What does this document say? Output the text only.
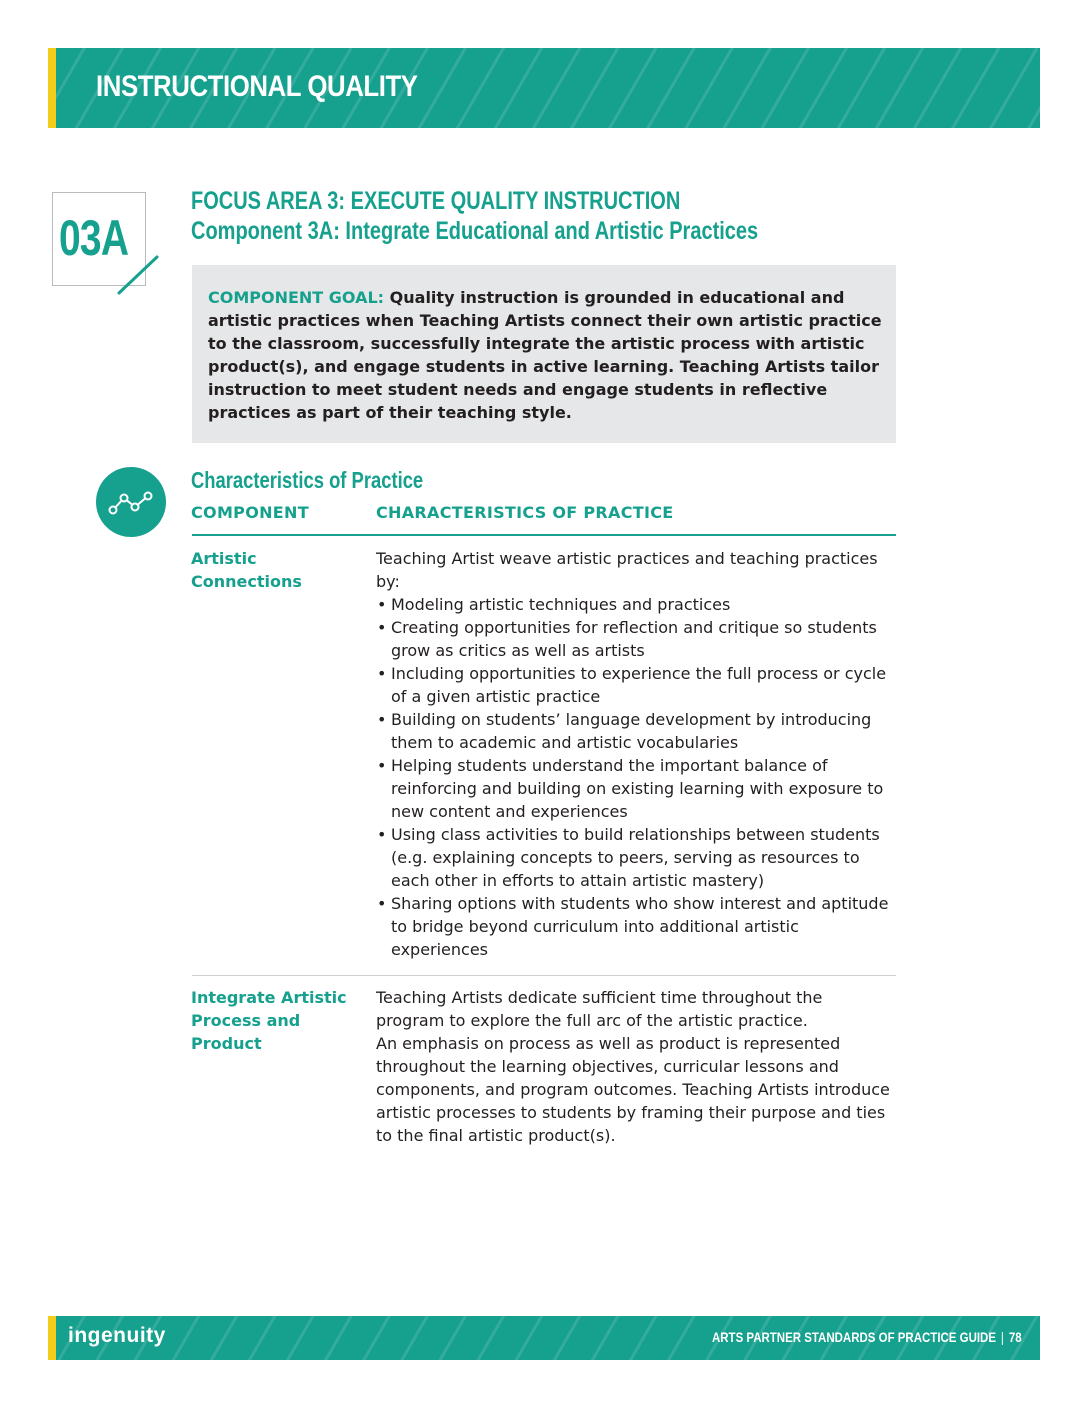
INSTRUCTIONAL QUALITY

03A

FOCUS AREA 3: EXECUTE QUALITY INSTRUCTION
Component 3A: Integrate Educational and Artistic Practices

COMPONENT GOAL: Quality instruction is grounded in educational and artistic practices when Teaching Artists connect their own artistic practice to the classroom, successfully integrate the artistic process with artistic product(s), and engage students in active learning. Teaching Artists tailor instruction to meet student needs and engage students in reflective practices as part of their teaching style.

Characteristics of Practice

COMPONENT	CHARACTERISTICS OF PRACTICE

Artistic Connections

Teaching Artist weave artistic practices and teaching practices by:

• Modeling artistic techniques and practices
• Creating opportunities for reflection and critique so students grow as critics as well as artists
• Including opportunities to experience the full process or cycle of a given artistic practice
• Building on students’ language development by introducing them to academic and artistic vocabularies
• Helping students understand the important balance of reinforcing and building on existing learning with exposure to new content and experiences
• Using class activities to build relationships between students (e.g. explaining concepts to peers, serving as resources to each other in efforts to attain artistic mastery)
• Sharing options with students who show interest and aptitude to bridge beyond curriculum into additional artistic experiences

Integrate Artistic Process and Product

Teaching Artists dedicate sufficient time throughout the program to explore the full arc of the artistic practice.

An emphasis on process as well as product is represented throughout the learning objectives, curricular lessons and components, and program outcomes. Teaching Artists introduce artistic processes to students by framing their purpose and ties to the final artistic product(s).

ingenuity	ARTS PARTNER STANDARDS OF PRACTICE GUIDE | 78
